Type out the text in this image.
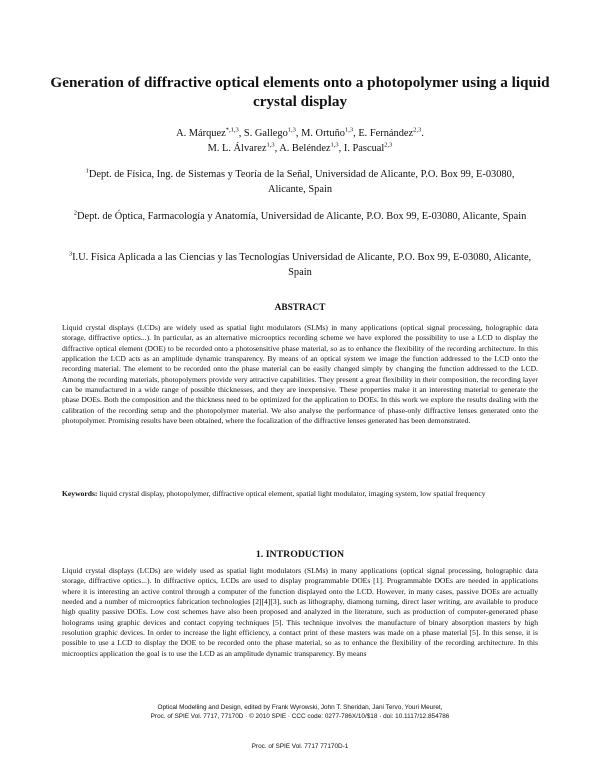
Generation of diffractive optical elements onto a photopolymer using a liquid crystal display
A. Márquez$^{*,1,3}$, S. Gallego$^{1,3}$, M. Ortuño$^{1,3}$, E. Fernández$^{2,3}$.
M. L. Álvarez$^{1,3}$, A. Beléndez$^{1,3}$, I. Pascual$^{2,3}$
$^1$Dept. de Física, Ing. de Sistemas y Teoría de la Señal, Universidad de Alicante, P.O. Box 99, E-03080, Alicante, Spain
$^2$Dept. de Óptica, Farmacología y Anatomía, Universidad de Alicante, P.O. Box 99, E-03080, Alicante, Spain
$^3$I.U. Física Aplicada a las Ciencias y las Tecnologías Universidad de Alicante, P.O. Box 99, E-03080, Alicante, Spain
ABSTRACT
Liquid crystal displays (LCDs) are widely used as spatial light modulators (SLMs) in many applications (optical signal processing, holographic data storage, diffractive optics...). In particular, as an alternative microoptics recording scheme we have explored the possibility to use a LCD to display the diffractive optical element (DOE) to be recorded onto a photosensitive phase material, so as to enhance the flexibility of the recording architecture. In this application the LCD acts as an amplitude dynamic transparency. By means of an optical system we image the function addressed to the LCD onto the recording material. The element to be recorded onto the phase material can be easily changed simply by changing the function addressed to the LCD. Among the recording materials, photopolymers provide very attractive capabilities. They present a great flexibility in their composition, the recording layer can be manufactured in a wide range of possible thicknesses, and they are inexpensive. These properties make it an interesting material to generate the phase DOEs. Both the composition and the thickness need to be optimized for the application to DOEs. In this work we explore the results dealing with the calibration of the recording setup and the photopolymer material. We also analyse the performance of phase-only diffractive lenses generated onto the photopolymer. Promising results have been obtained, where the focalization of the diffractive lenses generated has been demonstrated.
Keywords: liquid crystal display, photopolymer, diffractive optical element, spatial light modulator, imaging system, low spatial frequency
1. INTRODUCTION
Liquid crystal displays (LCDs) are widely used as spatial light modulators (SLMs) in many applications (optical signal processing, holographic data storage, diffractive optics...). In diffractive optics, LCDs are used to display programmable DOEs [1]. Programmable DOEs are needed in applications where it is interesting an active control through a computer of the function displayed onto the LCD. However, in many cases, passive DOEs are actually needed and a number of microoptics fabrication technologies [2][4][3], such as lithography, diamong turning, direct laser writing, are available to produce high quality passive DOEs. Low cost schemes have also been proposed and analyzed in the literature, such as production of computer-generated phase holograms using graphic devices and contact copying techniques [5]. This technique involves the manufacture of binary absorption masters by high resolution graphic devices. In order to increase the light efficiency, a contact print of these masters was made on a phase material [5]. In this sense, it is possible to use a LCD to display the DOE to be recorded onto the phase material, so as to enhance the flexibility of the recording architecture. In this microoptics application the goal is to use the LCD as an amplitude dynamic transparency. By means
Optical Modelling and Design, edited by Frank Wyrowski, John T. Sheridan, Jani Tervo, Youri Meuret,
Proc. of SPIE Vol. 7717, 77170D · © 2010 SPIE · CCC code: 0277-786X/10/$18 · doi: 10.1117/12.854786
Proc. of SPIE Vol. 7717 77170D-1
